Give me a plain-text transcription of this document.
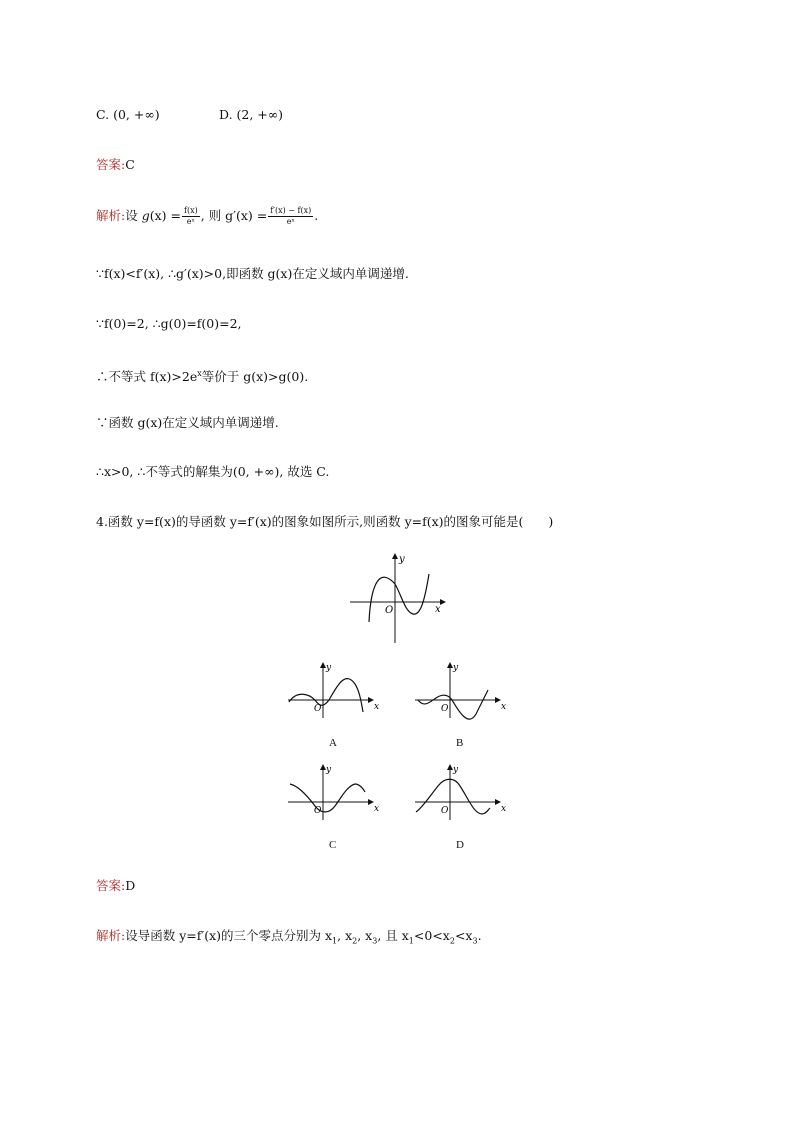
C. (0, +∞)	D. (2, +∞)
答案:C
解析:设 $g(x) = \frac{f(x)}{\text{eˣ}}$ , 则 $g'(x) = \frac{f'(x) - f(x)}{\text{eˣ}}$ .
∵f(x)<f′(x), ∴g′(x)>0,即函数 g(x)在定义域内单调递增.
∵f(0)=2, ∴g(0)=f(0)=2,
∴不等式 $f(x)>2e^x$等价于 g(x)>g(0).
∵函数 g(x)在定义域内单调递增.
∴x>0, ∴不等式的解集为(0, +∞), 故选 C.
4.函数 y=f(x)的导函数 y=f′(x)的图象如图所示,则函数 y=f(x)的图象可能是(　　)
x
y
O
x
y
O
A
x
y
O
B
x
y
O
C
x
y
O
D
答案:D
解析:设导函数 y=f′(x)的三个零点分别为 $x_1$, $x_2$, $x_3$, 且 $x_1<0<x_2<x_3$.
